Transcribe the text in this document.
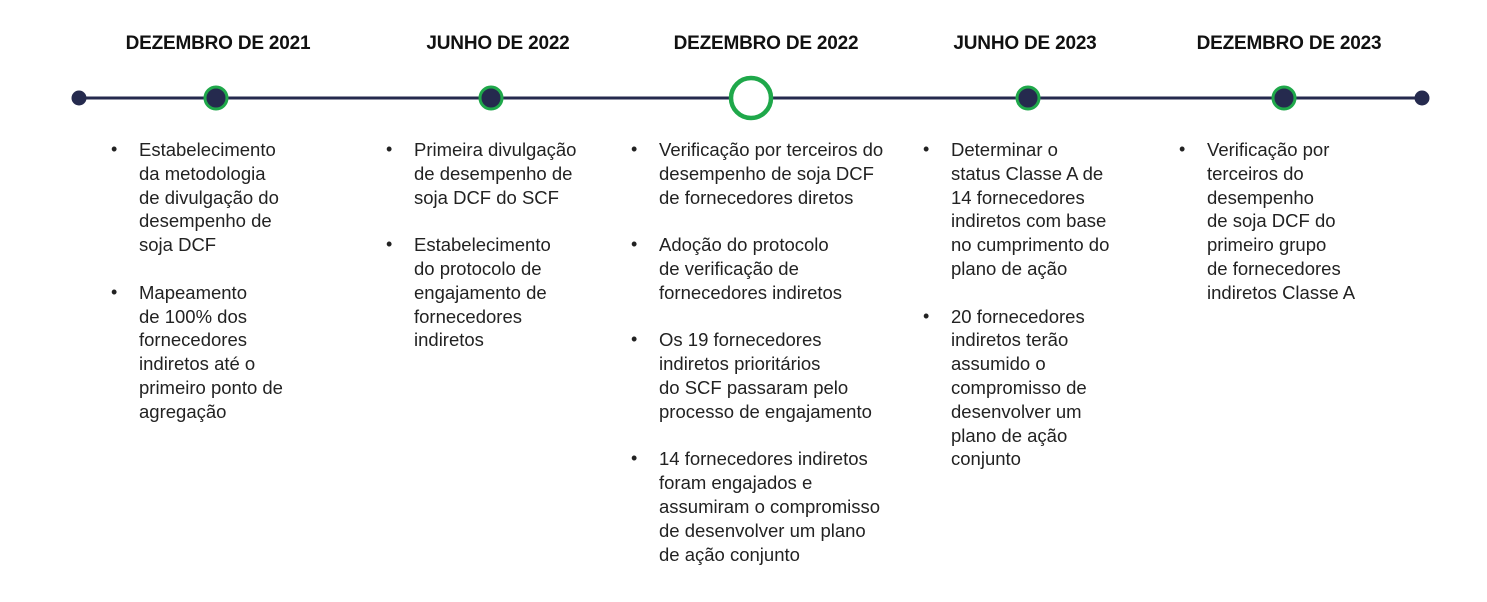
DEZEMBRO DE 2021	JUNHO DE 2022	DEZEMBRO DE 2022	JUNHO DE 2023	DEZEMBRO DE 2023
• Estabelecimento
da metodologia
de divulgação do
desempenho de
soja DCF
• Mapeamento
de 100% dos
fornecedores
indiretos até o
primeiro ponto de
agregação
• Primeira divulgação
de desempenho de
soja DCF do SCF
• Estabelecimento
do protocolo de
engajamento de
fornecedores
indiretos
• Verificação por terceiros do
desempenho de soja DCF
de fornecedores diretos
• Adoção do protocolo
de verificação de
fornecedores indiretos
• Os 19 fornecedores
indiretos prioritários
do SCF passaram pelo
processo de engajamento
• 14 fornecedores indiretos
foram engajados e
assumiram o compromisso
de desenvolver um plano
de ação conjunto
• Determinar o
status Classe A de
14 fornecedores
indiretos com base
no cumprimento do
plano de ação
• 20 fornecedores
indiretos terão
assumido o
compromisso de
desenvolver um
plano de ação
conjunto
• Verificação por
terceiros do
desempenho
de soja DCF do
primeiro grupo
de fornecedores
indiretos Classe A
